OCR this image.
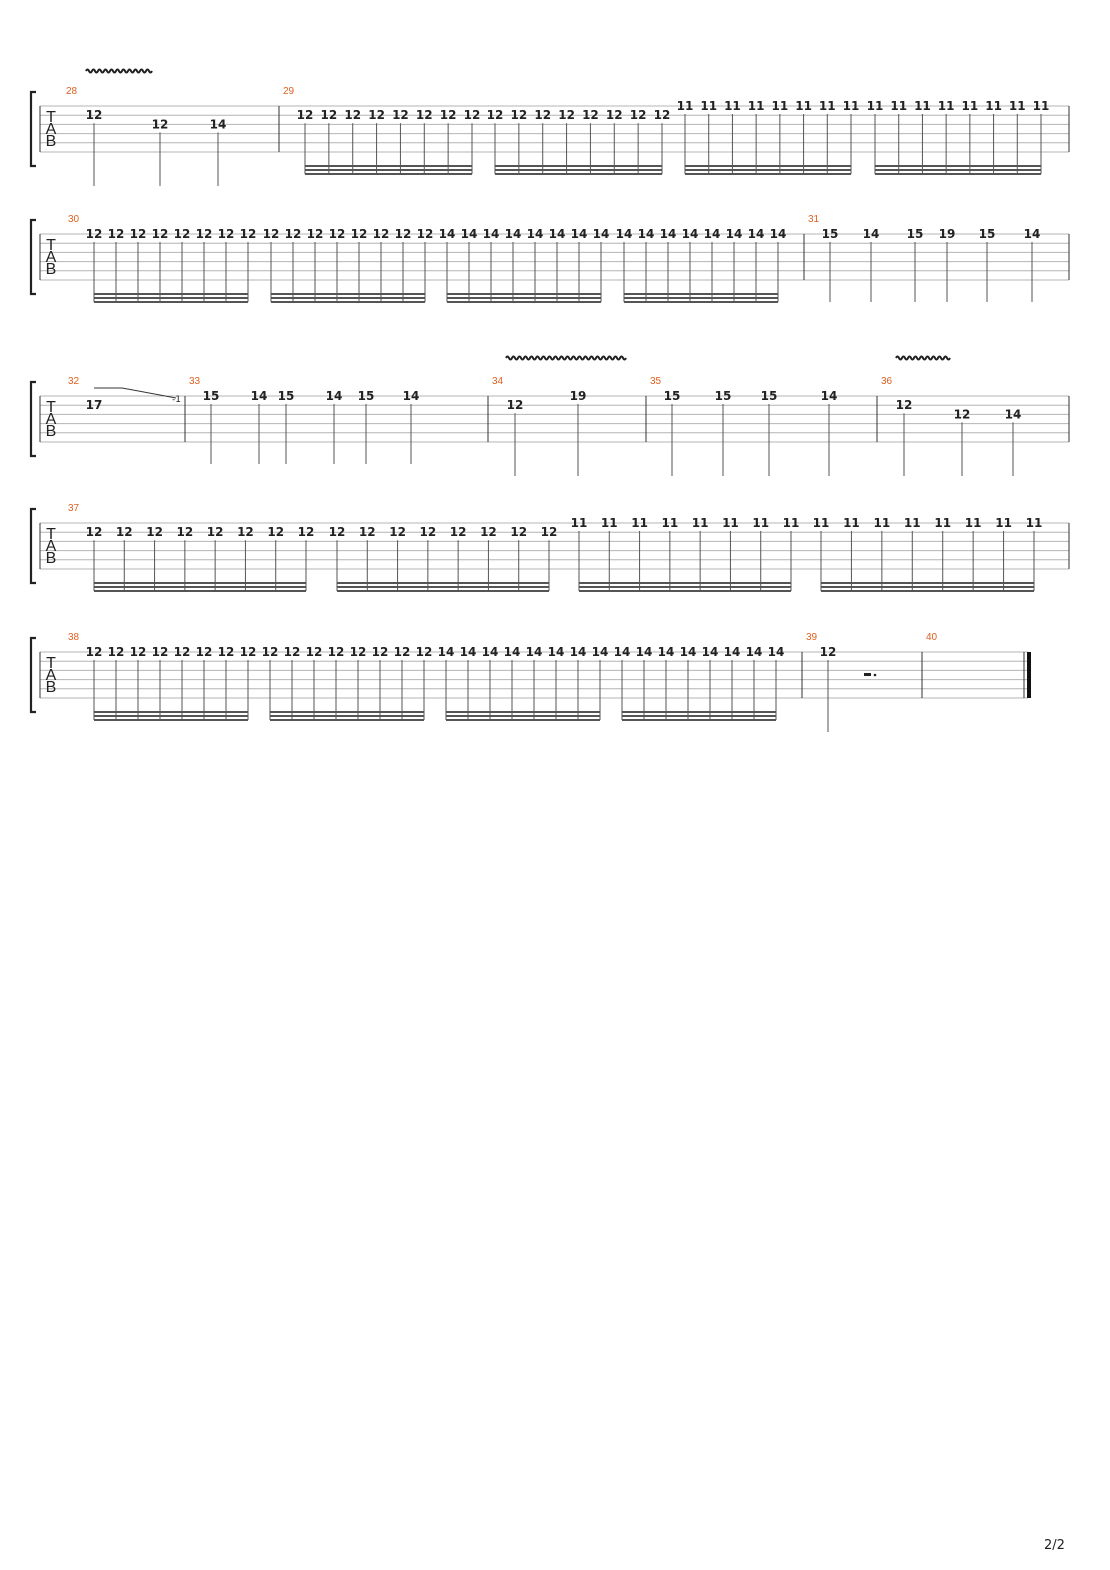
T
A
B
28
12
12	14
29
12 12 12 12 12 12 12 12 12 12 12 12 12 12 12 12
11 11 11 11 11 11 11 11 11 11 11 11 11 11 11 11
T
A
B
30
12 12 12 12 12 12 12 12 12 12 12 12 12 12 12 12 14 14 14 14 14 14 14 14 14 14 14 14 14 14 14 14
31
15 14 15 19 15 14
T
A
B
32
17	-1
33
15	14 15	14 15 14
34
12
19
35
15	15 15	14
36
12
12	14
T
A
B
37
12 12 12 12 12 12 12 12 12 12 12 12 12 12 12 12
11 11 11 11 11 11 11 11 11 11 11 11 11 11 11 11
T
A
B
38
12 12 12 12 12 12 12 12 12 12 12 12 12 12 12 12 14 14 14 14 14 14 14 14 14 14 14 14 14 14 14 14
39
12
40
2/2
